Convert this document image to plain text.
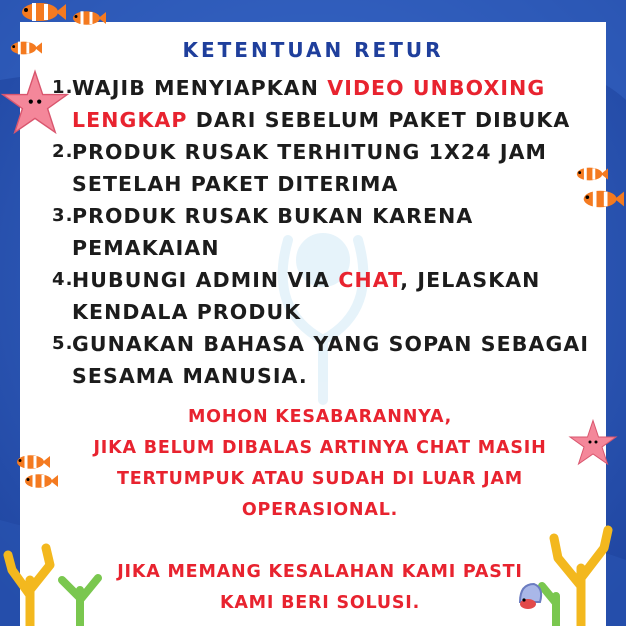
KETENTUAN RETUR
1.
WAJIB MENYIAPKAN VIDEO UNBOXING LENGKAP DARI SEBELUM PAKET DIBUKA
2.
PRODUK RUSAK TERHITUNG 1X24 JAM SETELAH PAKET DITERIMA
3.
PRODUK RUSAK BUKAN KARENA PEMAKAIAN
4.
HUBUNGI ADMIN VIA CHAT, JELASKAN KENDALA PRODUK
5.
GUNAKAN BAHASA YANG SOPAN SEBAGAI SESAMA MANUSIA.

MOHON KESABARANNYA,

JIKA BELUM DIBALAS ARTINYA CHAT MASIH

TERTUMPUK ATAU SUDAH DI LUAR JAM

OPERASIONAL.

JIKA MEMANG KESALAHAN KAMI PASTI

KAMI BERI SOLUSI.
